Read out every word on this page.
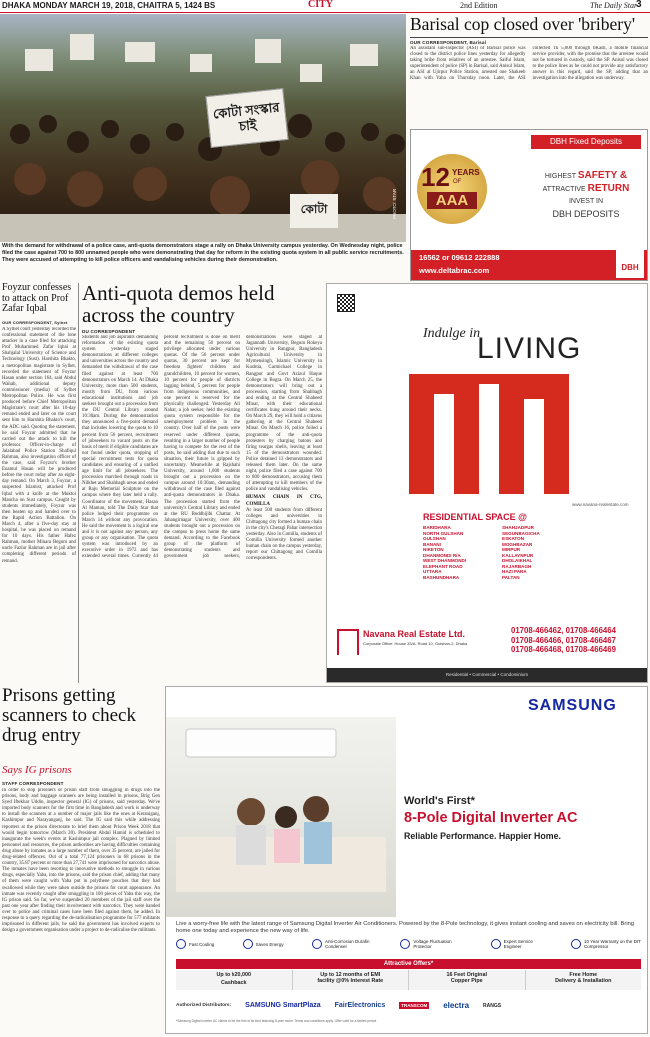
DHAKA MONDAY MARCH 19, 2018, CHAITRA 5, 1424 BS	CITY	2nd Edition	The Daily Star
3
কোটা সংস্কার চাই
কোটা	PHOTO: STAR
With the demand for withdrawal of a police case, anti-quota demonstrators stage a rally on Dhaka University campus yesterday. On Wednesday night, police filed the case against 700 to 800 unnamed people who were demonstrating that day for reform in the existing quota system in all public service recruitments. They were accused of attempting to kill police officers and vandalising vehicles during their demonstration.
Barisal cop closed over 'bribery'
OUR CORRESPONDENT, Barisal
An assistant sub-inspector (ASI) of Barisal police was closed to the district police lines yesterday for allegedly taking bribe from relatives of an arrestee. Saiful Islam, superintendent of police (SP) in Barisal, said Anisul Islam, an ASI at Ujirpur Police Station, arrested one Shakeeb Khan with Yaba on Thursday noon. Later, the ASI collected Tk 5,000 through bKash, a mobile financial service provider, with the promise that the arrestee would not be tortured in custody, said the SP. Anisul was closed to the police lines as he could not provide any satisfactory answer in this regard, said the SP, adding that an investigation into the allegation was underway.
DBH Fixed Deposits
12 YEARS
OF
AAA
HIGHEST SAFETY &
ATTRACTIVE RETURN
INVEST IN
DBH DEPOSITS
16562 or 09612 222888
www.deltabrac.com	DBH
Foyzur confesses to attack on Prof Zafar Iqbal
OUR CORRESPONDENT, Sylhet
A Sylhet court yesterday recorded the confessional statement of the lone attacker in a case filed for attacking Prof Muhammed Zafar Iqbal at Shahjalal University of Science and Technology (Sust). Harshita Bhakto, a metropolitan magistrate in Sylhet, recorded the statement of Foyzur Hasan under section 164, said Abdul Wahab, additional deputy commissioner (media) of Sylhet Metropolitan Police. He was first produced before Chief Metropolitan Magistrate's court after his 10-day remand ended and later on the court sent him to Harshita Bhakto's court, the ADC said. Quoting the statement, he said Foyzur admitted that he carried out the attack to kill the professor. Officer-in-charge of Jalalabad Police Station Shafiqul Rahman, also investigation officer of the case, said Foyzur's brother Enamul Hasan will be produced before the court today after an eight-day remand. On March 3, Foyzur, a suspected Islamist, attacked Prof Iqbal with a knife at the Muktoi Mancha on Sust campus. Caught by students immediately, Foyzur was then beaten up and handed over to the Rapid Action Battalion. On March 4, after a five-day stay at hospital, he was placed on remand for 10 days. His father Hafez Rahman, mother Minara Begum and uncle Fazlur Rahman are in jail after completing different periods of remand.
Anti-quota demos held across the country
DU CORRESPONDENT
Students and job aspirants demanding reformation of the existing quota system yesterday staged demonstrations at different colleges and universities across the country and demanded the withdrawal of the case filed against at least 700 demonstrators on March 14. At Dhaka University, more than 500 students, mostly from DU, from various educational institutions and job seekers brought out a procession from the DU Central Library around 10:30am. During the demonstration they announced a five-point demand that includes lowering the quota to 10 percent from 56 percent, recruitment of jobseekers to vacant posts on the basis of merit if eligible candidates are not found under quota, stopping of special recruitment tests for quota candidates and ensuring of a unified age limit for all jobseekers. The procession marched through roads in Nilkhet and Shahbagh areas and ended at Raju Memorial Sculpture on the campus where they later held a rally. Coordinator of the movement, Hasan Al Mamun, told The Daily Star that police lodged their programme on March 14 without any provocation. He said the movement is a logical one and it is not against any person, any group or any organisation. The quota system was introduced by an executive order in 1972 and has extended several times. Currently 44 percent recruitment is done on merit and the remaining 56 percent on privilege allocated under various quotas. Of the 56 percent under quotas, 30 percent are kept for freedom fighters' children and grandchildren, 10 percent for women, 10 percent for people of districts lagging behind, 5 percent for people from indigenous communities, and one percent is reserved for the physically challenged. Yesterday Ali Nahat, a job seeker, held the existing quota system responsible for the unemployment problem in the country. Over half of the posts were reserved under different quotas, resulting in a larger number of people having to compete for the rest of the posts, he said adding that due to such situation, their future is gripped by uncertainty. Meanwhile at Rajshahi University, around 1,000 students brought out a procession on the campus around 10:30am, demanding withdrawal of the case filed against anti-quota demonstrators in Dhaka. The procession started from the university's Central Library and ended at the RU Buddhijibi Chattar. At Jahangirnagar University, over 400 students brought out a procession on the campus to press home the same demand. According to the Facebook group of the platform of demonstrating students and government job seekers, demonstrations were staged at Jagannath University, Begum Rokeya University in Rangpur, Bangladesh Agricultural University in Mymensingh, Islamic University in Kushtia, Carmichael College in Rangpur and Govt Azizul Haque College in Bogra. On March 25, the demonstrators will bring out a procession, starting from Shahbagh and ending at the Central Shaheed Minar, with their educational certificates hung around their necks. On March 29, they will hold a citizens gathering at the Central Shaheed Minar. On March 16, police foiled a programme of the anti-quota protesters by charging batons and firing teargas shells, leaving at least 15 of the demonstrators wounded. Police detained 13 demonstrators and released them later. On the same night, police filed a case against 700 to 800 demonstrators, accusing them of attempting to kill members of the police and vandalising vehicles.
HUMAN CHAIN IN CTG, COMILLA
At least 500 students from different colleges and universities in Chittagong city formed a human chain in the city's Cheragi Pahar intersection yesterday. Also in Comilla, students of Comilla University formed another human chain on the campus yesterday, report our Chittagong and Comilla correspondents.
Indulge in
LIVING
www.navana-realestate.com
RESIDENTIAL SPACE @
BARIDHARA	SHAHJADPUR
NORTH GULSHAN	SEGUNBAGICHA
GULSHAN	ESKATON
BANANI	MOGHBAZAR
NIKETON	MIRPUR
DHANMONDI R/A	KALLAYNPUR
WEST DHANMONDI	DHOLAIKHAL
ELEPHANT ROAD	RAJARBAGH
UTTARA	HAZI PARA
BASHUNDHARA	PALTAN
Navana Real Estate Ltd.
Corporate Office: House 33/A, Road 10, Gulshan-2, Dhaka
01708-466462, 01708-466464
01708-466466, 01708-466467
01708-466468, 01708-466469
Residential • Commercial • Condominium
Prisons getting scanners to check drug entry
Says IG prisons
STAFF CORRESPONDENT
In order to stop prisoners or prison staff from smuggling in drugs into the prisons, body and baggage scanners are being installed in prisons, Brig Gen Syed Iftekhar Uddin, inspector general (IG) of prisons, said yesterday. We've imported body scanners for the first time in Bangladesh and work is underway to install the scanners at a number of major jails like the ones at Keraniganj, Kashimpur and Narayanganj, he said. The IG said this while addressing reporters at the prison directorate to brief them about Prison Week 2018 that would begin tomorrow (March 20). President Abdul Hamid is scheduled to inaugurate the week's events at Kashimpur jail complex. Plagued by limited personnel and resources, the prison authorities are having difficulties containing drug abuse by inmates as a large number of them, over 35 percent, are jailed for drug-related offences. Out of a total 77,124 prisoners in 68 prisons in the country, 35.87 percent or more than 27,741 were imprisoned for narcotics abuse. The inmates have been resorting to innovative methods to smuggle in various drugs, especially Yaba, into the prisons, said the prison chief, adding that many of them were caught with Yaba put in polythene pouches that they had swallowed while they were taken outside the prisons for court appearance. An inmate was recently caught after smuggling in 100 pieces of Yaba this way, the IG prison said. So far, we've suspended 20 members of the jail staff over the past one year after finding their involvement with narcotics. They were handed over to police and criminal cases have been filed against them, he added. In response to a query regarding the de-radicalisation programme for 577 militants imprisoned in different jails, he said the government has involved experts to design a government organisation under a project to de-radicalise the militants.
SAMSUNG
World's First*
8-Pole Digital Inverter AC
Reliable Performance. Happier Home.
Live a worry-free life with the latest range of Samsung Digital Inverter Air Conditioners. Powered by the 8-Pole technology, it gives instant cooling and saves on electricity bill. Bring home one today and experience the new way of life.
Fast Cooling	Saves Energy	Anti-Corrosion Durafin Condenser
Voltage Fluctuation Protector
Expert Service Engineer
10 Year Warranty on the DIT Compressor
Attractive Offers*
Up to ৳20,000
Cashback
Up to 12 months of EMI
facility @0% Interest Rate
16 Feet Original
Copper Pipe
Free Home
Delivery & Installation
Authorized Distributors: SAMSUNG SmartPlaza FairElectronics	TRANSCOM electra	RANGS
*Samsung Digital Inverter AC claims to be the first of its kind featuring 8-pole motor. Terms and conditions apply. Offer valid for a limited period.
